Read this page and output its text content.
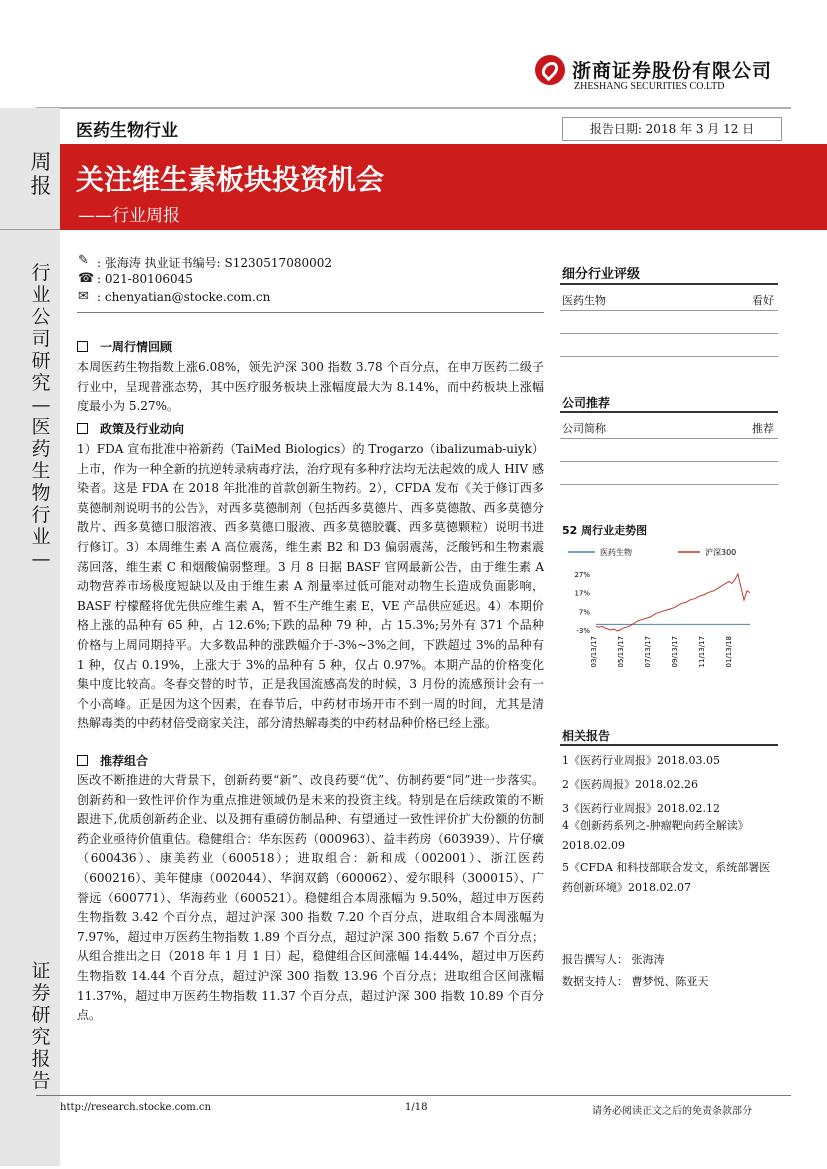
浙商证券股份有限公司
ZHESHANG SECURITIES CO.LTD
周报
行业公司研究—医药生物行业—
证券研究报告
医药生物行业	报告日期: 2018 年 3 月 12 日
关注维生素板块投资机会
——行业周报
✎ : 张海涛 执业证书编号: S1230517080002
☎ : 021-80106045
✉ : chenyatian@stocke.com.cn
一周行情回顾
本周医药生物指数上涨6.08%，领先沪深 300 指数 3.78 个百分点，在申万医药二级子行业中，呈现普涨态势，其中医疗服务板块上涨幅度最大为 8.14%，而中药板块上涨幅度最小为 5.27%。
政策及行业动向
1）FDA 宣布批准中裕新药（TaiMed Biologics）的 Trogarzo（ibalizumab-uiyk）上市，作为一种全新的抗逆转录病毒疗法，治疗现有多种疗法均无法起效的成人 HIV 感染者。这是 FDA 在 2018 年批准的首款创新生物药。2），CFDA 发布《关于修订西多莫德制剂说明书的公告》，对西多莫德制剂（包括西多莫德片、西多莫德散、西多莫德分散片、西多莫德口服溶液、西多莫德口服液、西多莫德胶囊、西多莫德颗粒）说明书进行修订。3）本周维生素 A 高位震荡，维生素 B2 和 D3 偏弱震荡，泛酸钙和生物素震荡回落，维生素 C 和烟酸偏弱整理。3 月 8 日据 BASF 官网最新公告，由于维生素 A 动物营养市场极度短缺以及由于维生素 A 剂量率过低可能对动物生长造成负面影响，BASF 柠檬醛将优先供应维生素 A，暂不生产维生素 E，VE 产品供应延迟。4）本期价格上涨的品种有 65 种，占 12.6%;下跌的品种 79 种，占 15.3%;另外有 371 个品种价格与上周同期持平。大多数品种的涨跌幅介于-3%~3%之间，下跌超过 3%的品种有 1 种，仅占 0.19%，上涨大于 3%的品种有 5 种，仅占 0.97%。本期产品的价格变化集中度比较高。冬春交替的时节，正是我国流感高发的时候，3 月份的流感预计会有一个小高峰。正是因为这个因素，在春节后，中药材市场开市不到一周的时间，尤其是清热解毒类的中药材倍受商家关注，部分清热解毒类的中药材品种价格已经上涨。
推荐组合
医改不断推进的大背景下，创新药要“新”、改良药要“优”、仿制药要“同”进一步落实。创新药和一致性评价作为重点推进领域仍是未来的投资主线。特别是在后续政策的不断跟进下,优质创新药企业、以及拥有重磅仿制品种、有望通过一致性评价扩大份额的仿制药企业亟待价值重估。稳健组合：华东医药（000963）、益丰药房（603939）、片仔癀（600436）、康美药业（600518）；进取组合：新和成（002001）、浙江医药（600216）、美年健康（002044）、华润双鹤（600062）、爱尔眼科（300015）、广誉远（600771）、华海药业（600521）。稳健组合本周涨幅为 9.50%，超过申万医药生物指数 3.42 个百分点，超过沪深 300 指数 7.20 个百分点，进取组合本周涨幅为 7.97%，超过申万医药生物指数 1.89 个百分点，超过沪深 300 指数 5.67 个百分点；从组合推出之日（2018 年 1 月 1 日）起，稳健组合区间涨幅 14.44%，超过申万医药生物指数 14.44 个百分点，超过沪深 300 指数 13.96 个百分点；进取组合区间涨幅 11.37%，超过申万医药生物指数 11.37 个百分点，超过沪深 300 指数 10.89 个百分点。
细分行业评级
医药生物	看好
公司推荐
公司简称	推荐
52 周行业走势图
医药生物	沪深300
27%
17%
7%
-3%
03/13/17	05/13/17	07/13/17	09/13/17	11/13/17	01/13/18
相关报告
1《医药行业周报》2018.03.05
2《医药周报》2018.02.26
3《医药行业周报》2018.02.12
4《创新药系列之-肿瘤靶向药全解读》2018.02.09
5《CFDA 和科技部联合发文，系统部署医药创新环境》2018.02.07
报告撰写人： 张海涛
数据支持人： 曹梦悦、陈亚天
http://research.stocke.com.cn	1/18	请务必阅读正文之后的免责条款部分
